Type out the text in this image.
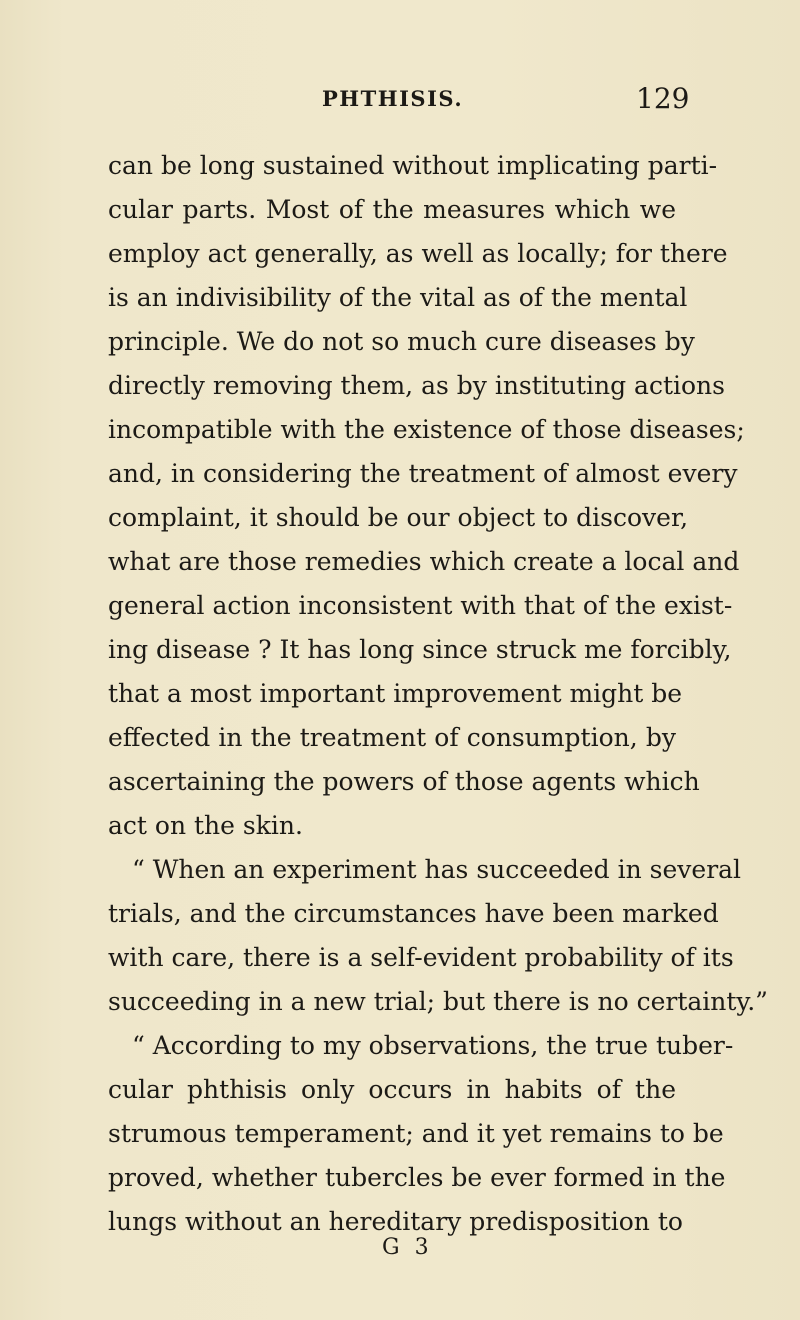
PHTHISIS.	129
can be long sustained without implicating parti-
cular parts. Most of the measures which we
employ act generally, as well as locally; for there
is an indivisibility of the vital as of the mental
principle. We do not so much cure diseases by
directly removing them, as by instituting actions
incompatible with the existence of those diseases;
and, in considering the treatment of almost every
complaint, it should be our object to discover,
what are those remedies which create a local and
general action inconsistent with that of the exist-
ing disease ? It has long since struck me forcibly,
that a most important improvement might be
effected in the treatment of consumption, by
ascertaining the powers of those agents which
act on the skin.
“ When an experiment has succeeded in several
trials, and the circumstances have been marked
with care, there is a self-evident probability of its
succeeding in a new trial; but there is no certainty.”
“ According to my observations, the true tuber-
cular phthisis only occurs in habits of the
strumous temperament; and it yet remains to be
proved, whether tubercles be ever formed in the
lungs without an hereditary predisposition to
G 3
